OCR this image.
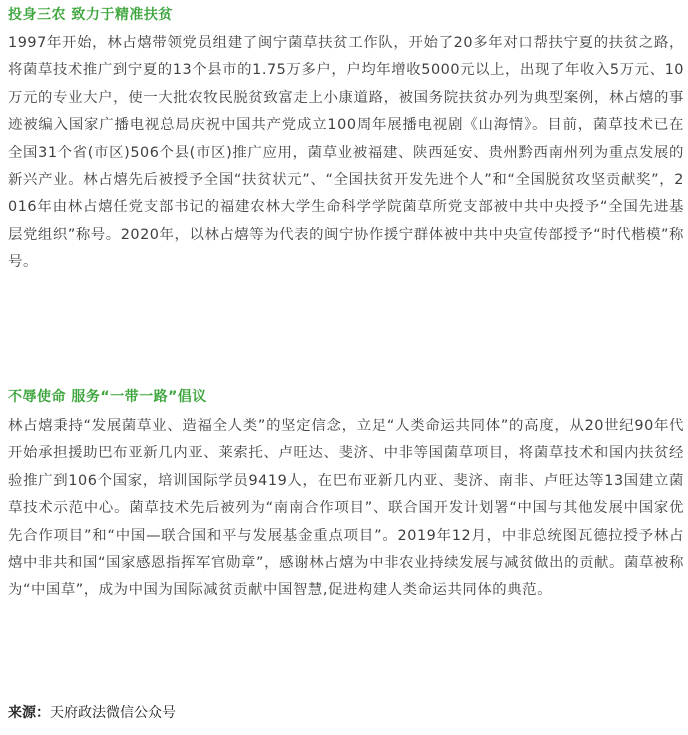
投身三农 致力于精准扶贫

1997年开始，林占熺带领党员组建了闽宁菌草扶贫工作队，开始了20多年对口帮扶宁夏的扶贫之路，将菌草技术推广到宁夏的13个县市的1.75万多户，户均年增收5000元以上，出现了年收入5万元、10万元的专业大户，使一大批农牧民脱贫致富走上小康道路，被国务院扶贫办列为典型案例，林占熺的事迹被编入国家广播电视总局庆祝中国共产党成立100周年展播电视剧《山海情》。目前，菌草技术已在全国31个省(市区)506个县(市区)推广应用，菌草业被福建、陕西延安、贵州黔西南州列为重点发展的新兴产业。林占熺先后被授予全国“扶贫状元”、“全国扶贫开发先进个人”和“全国脱贫攻坚贡献奖”，2016年由林占熺任党支部书记的福建农林大学生命科学学院菌草所党支部被中共中央授予“全国先进基层党组织”称号。2020年，以林占熺等为代表的闽宁协作援宁群体被中共中央宣传部授予“时代楷模”称号。

不辱使命 服务“一带一路”倡议

林占熺秉持“发展菌草业、造福全人类”的坚定信念，立足“人类命运共同体”的高度，从20世纪90年代开始承担援助巴布亚新几内亚、莱索托、卢旺达、斐济、中非等国菌草项目，将菌草技术和国内扶贫经验推广到106个国家，培训国际学员9419人，在巴布亚新几内亚、斐济、南非、卢旺达等13国建立菌草技术示范中心。菌草技术先后被列为“南南合作项目”、联合国开发计划署“中国与其他发展中国家优先合作项目”和“中国—联合国和平与发展基金重点项目”。2019年12月，中非总统图瓦德拉授予林占熺中非共和国“国家感恩指挥军官勋章”，感谢林占熺为中非农业持续发展与减贫做出的贡献。菌草被称为“中国草”，成为中国为国际减贫贡献中国智慧,促进构建人类命运共同体的典范。

来源：天府政法微信公众号
